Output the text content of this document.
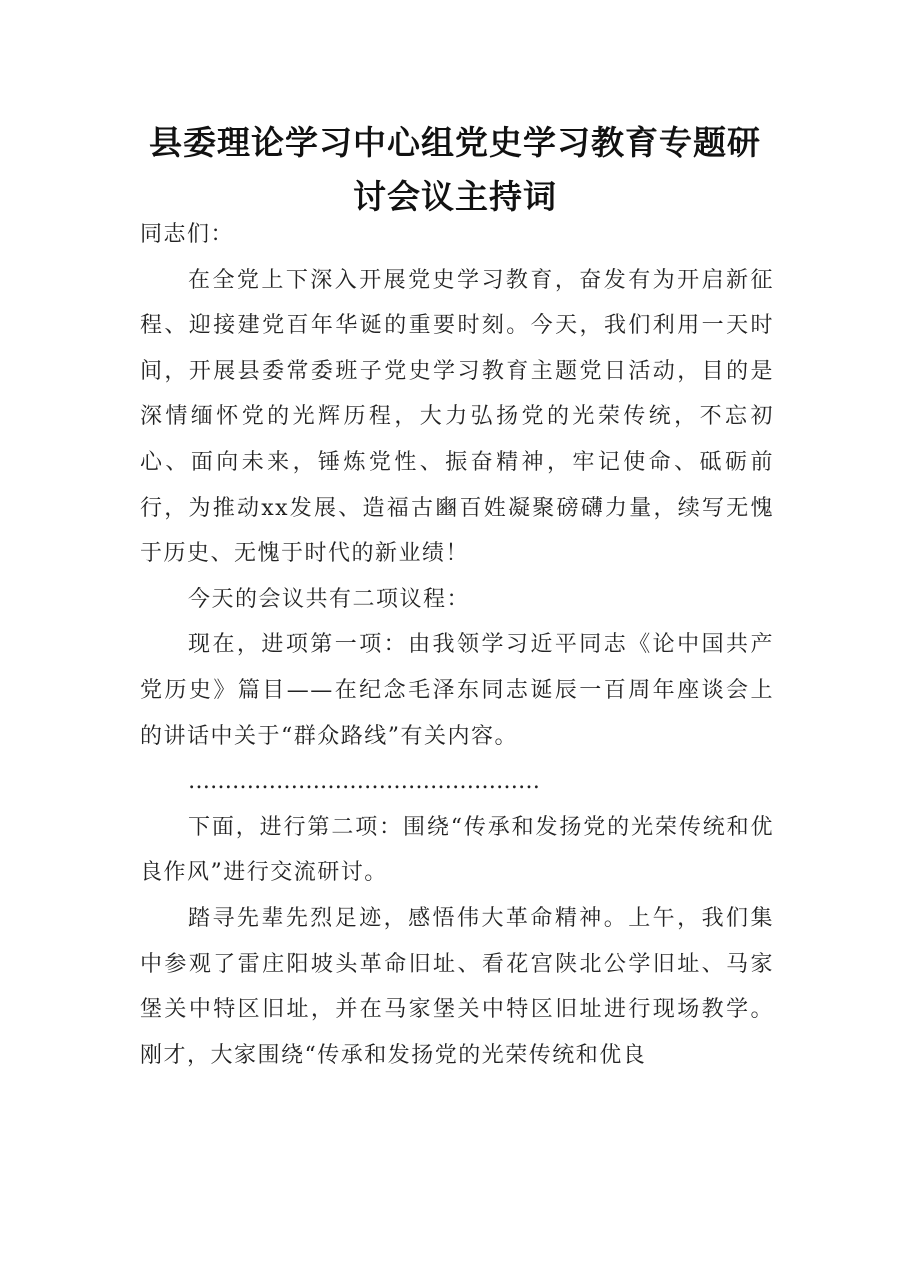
县委理论学习中心组党史学习教育专题研讨会议主持词

同志们：

在全党上下深入开展党史学习教育，奋发有为开启新征程、迎接建党百年华诞的重要时刻。今天，我们利用一天时间，开展县委常委班子党史学习教育主题党日活动，目的是深情缅怀党的光辉历程，大力弘扬党的光荣传统，不忘初心、面向未来，锤炼党性、振奋精神，牢记使命、砥砺前行，为推动xx发展、造福古豳百姓凝聚磅礴力量，续写无愧于历史、无愧于时代的新业绩！

今天的会议共有二项议程：

现在，进项第一项：由我领学习近平同志《论中国共产党历史》篇目——在纪念毛泽东同志诞辰一百周年座谈会上的讲话中关于“群众路线”有关内容。

…………………………………………

下面，进行第二项：围绕“传承和发扬党的光荣传统和优良作风”进行交流研讨。

踏寻先辈先烈足迹，感悟伟大革命精神。上午，我们集中参观了雷庄阳坡头革命旧址、看花宫陕北公学旧址、马家堡关中特区旧址，并在马家堡关中特区旧址进行现场教学。刚才，大家围绕“传承和发扬党的光荣传统和优良
